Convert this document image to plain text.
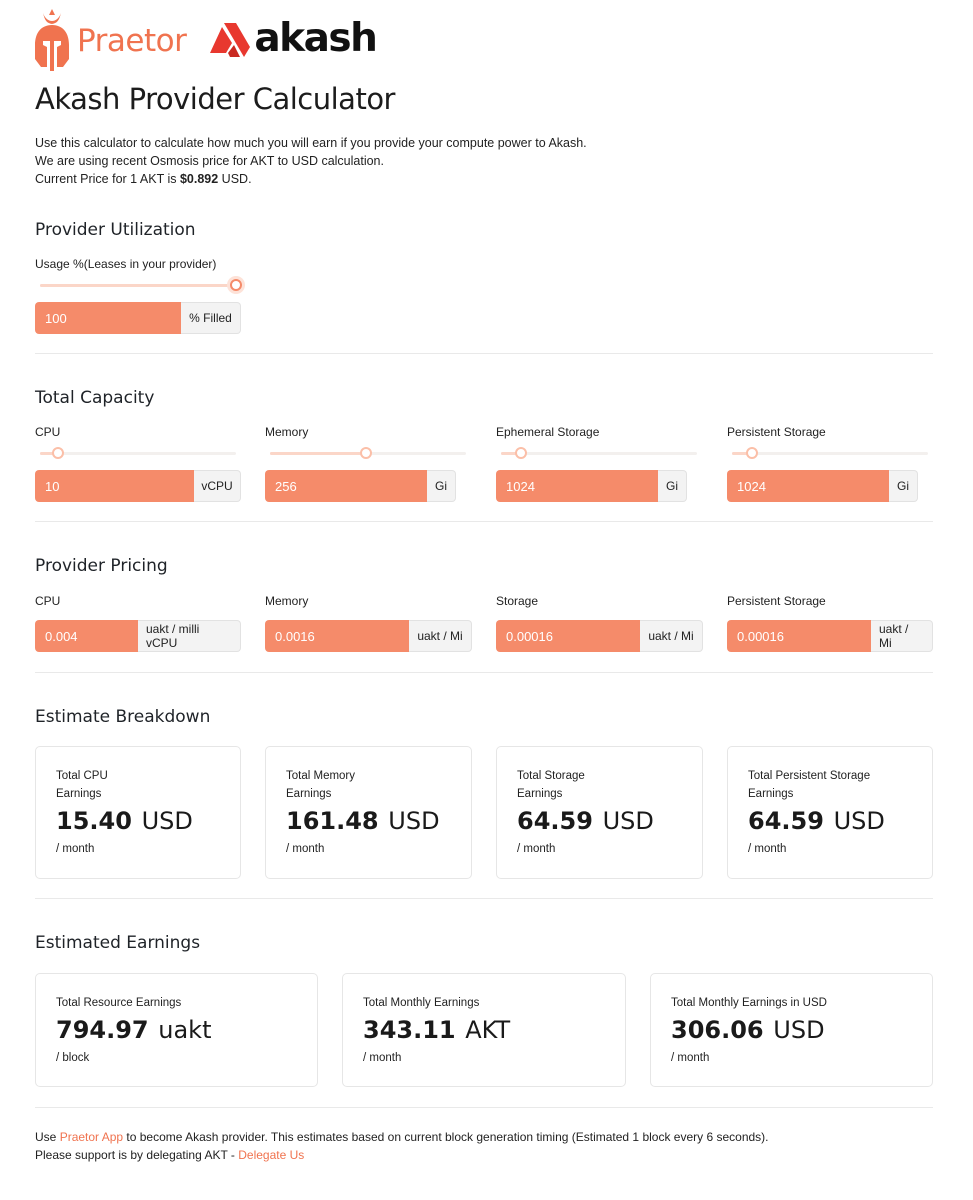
Praetor akash
Akash Provider Calculator
Use this calculator to calculate how much you will earn if you provide your compute power to Akash.
We are using recent Osmosis price for AKT to USD calculation.
Current Price for 1 AKT is $0.892 USD.
Provider Utilization
Usage %(Leases in your provider)
100	% Filled
Total Capacity
CPU	Memory	Ephemeral Storage	Persistent Storage
10	vCPU	256	Gi	1024	Gi	1024	Gi
Provider Pricing
CPU	Memory	Storage	Persistent Storage
0.004	uakt / milli vCPU	0.0016	uakt / Mi	0.00016	uakt / Mi	0.00016	uakt / Mi
Estimate Breakdown
Total CPU
Earnings
15.40 USD
/ month
Total Memory
Earnings
161.48 USD
/ month
Total Storage
Earnings
64.59 USD
/ month
Total Persistent Storage
Earnings
64.59 USD
/ month
Estimated Earnings
Total Resource Earnings
794.97 uakt
/ block
Total Monthly Earnings
343.11 AKT
/ month
Total Monthly Earnings in USD
306.06 USD
/ month
Use Praetor App to become Akash provider. This estimates based on current block generation timing (Estimated 1 block every 6 seconds).
Please support is by delegating AKT - Delegate Us
